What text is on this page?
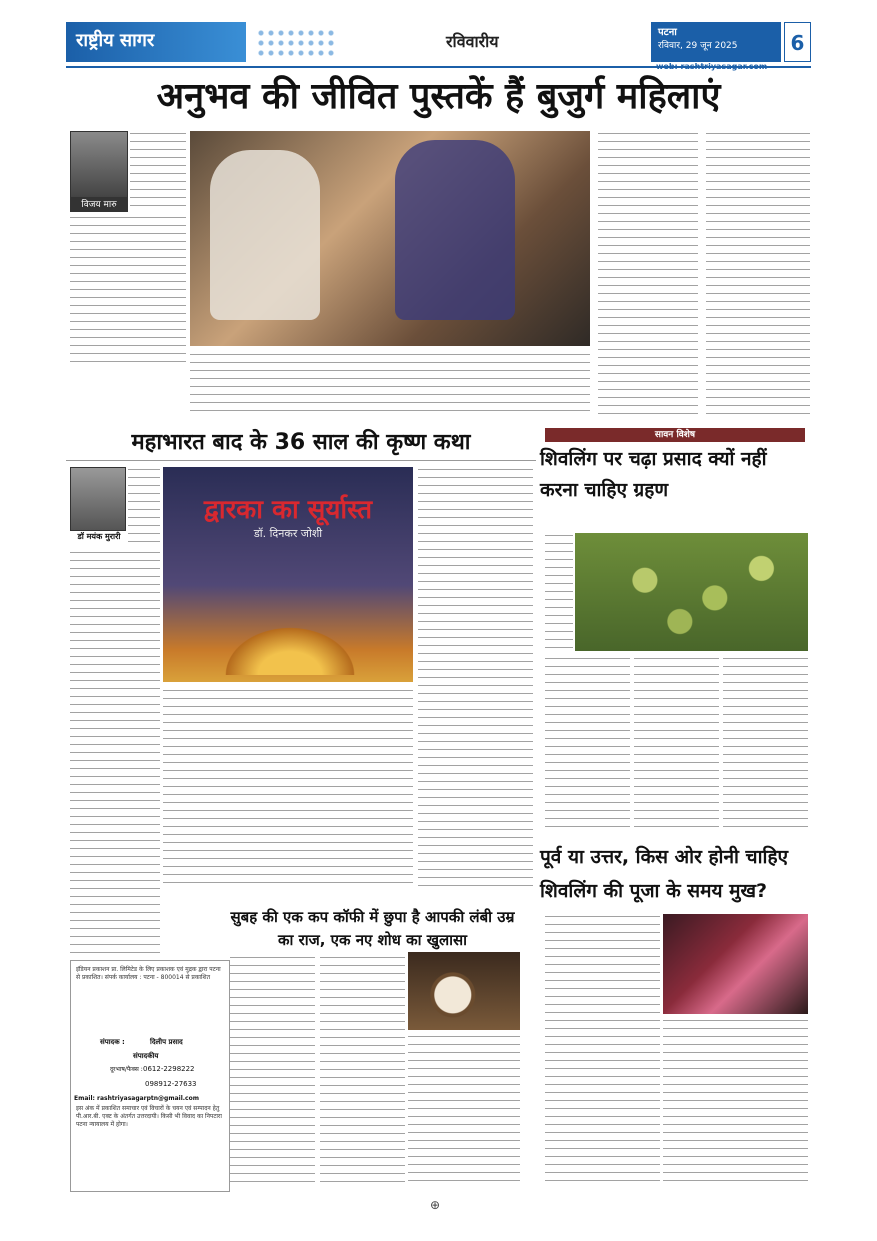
राष्ट्रीय सागर	रविवारीय	पटना
रविवार, 29 जून 2025	6
अनुभव की जीवित पुस्तकें हैं बुजुर्ग महिलाएं
विजय मारु
महाभारत बाद के 36 साल की कृष्ण कथा
डॉ मयंक मुरारी
द्वारका का सूर्यास्त
डॉ. दिनकर जोशी
सावन विशेष
शिवलिंग पर चढ़ा प्रसाद क्यों नहीं करना चाहिए ग्रहण
पूर्व या उत्तर, किस ओर होनी चाहिए शिवलिंग की पूजा के समय मुख?
सुबह की एक कप कॉफी में छुपा है आपकी लंबी उम्र का राज, एक नए शोध का खुलासा
इंडियन प्रकाशन प्रा. लिमिटेड के लिए प्रकाशक एवं मुद्रक द्वारा पटना से प्रकाशित। संपर्क कार्यालय : पटना - 800014 से प्रकाशित
संपादक :	दिलीप प्रसाद
संपादकीय
दूरभाष/फैक्स : 0612-2298222
098912-27633
Email: rashtriyasagarptn@gmail.com
इस अंक में प्रकाशित समाचार एवं विचारों के चयन एवं सम्पादन हेतु पी.आर.बी. एक्ट के अंतर्गत उत्तरदायी। किसी भी विवाद का निपटारा पटना न्यायालय में होगा।
⊕
